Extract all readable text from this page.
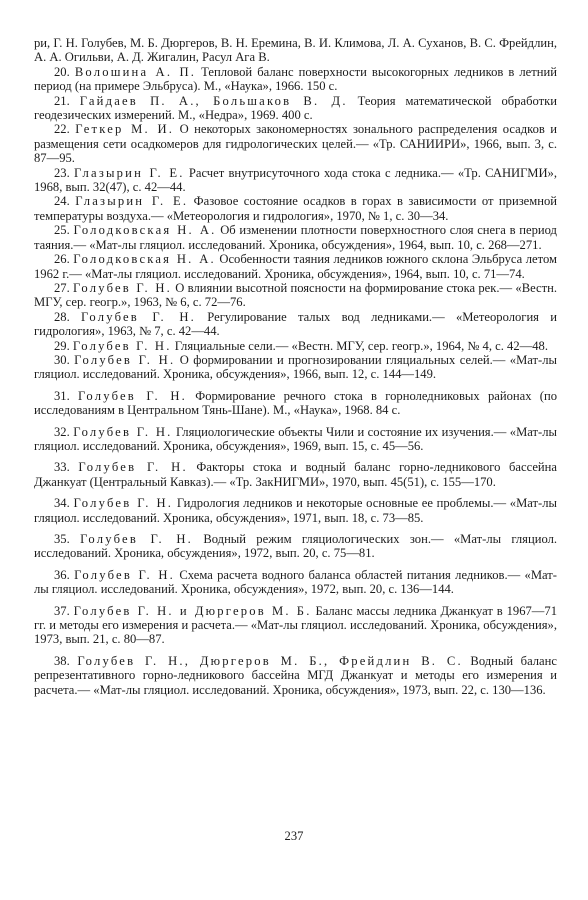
ри, Г. Н. Голубев, М. Б. Дюргеров, В. Н. Еремина, В. И. Климова, Л. А. Суханов, В. С. Фрейдлин, А. А. Огильви, А. Д. Жигалин, Расул Ага В.

20. Волошина А. П. Тепловой баланс поверхности высокогорных ледников в летний период (на примере Эльбруса). М., «Наука», 1966. 150 с.

21. Гайдаев П. А., Большаков В. Д. Теория математической обработки геодезических измерений. М., «Недра», 1969. 400 с.

22. Геткер М. И. О некоторых закономерностях зонального распределения осадков и размещения сети осадкомеров для гидрологических целей.— «Тр. САНИИРИ», 1966, вып. 3, с. 87—95.

23. Глазырин Г. Е. Расчет внутрисуточного хода стока с ледника.— «Тр. САНИГМИ», 1968, вып. 32(47), с. 42—44.

24. Глазырин Г. Е. Фазовое состояние осадков в горах в зависимости от приземной температуры воздуха.— «Метеорология и гидрология», 1970, № 1, с. 30—34.

25. Голодковская Н. А. Об изменении плотности поверхностного слоя снега в период таяния.— «Мат-лы гляциол. исследований. Хроника, обсуждения», 1964, вып. 10, с. 268—271.

26. Голодковская Н. А. Особенности таяния ледников южного склона Эльбруса летом 1962 г.— «Мат-лы гляциол. исследований. Хроника, обсуждения», 1964, вып. 10, с. 71—74.

27. Голубев Г. Н. О влиянии высотной поясности на формирование стока рек.— «Вестн. МГУ, сер. геогр.», 1963, № 6, с. 72—76.

28. Голубев Г. Н. Регулирование талых вод ледниками.— «Метеорология и гидрология», 1963, № 7, с. 42—44.

29. Голубев Г. Н. Гляциальные сели.— «Вестн. МГУ, сер. геогр.», 1964, № 4, с. 42—48.

30. Голубев Г. Н. О формировании и прогнозировании гляциальных селей.— «Мат-лы гляциол. исследований. Хроника, обсуждения», 1966, вып. 12, с. 144—149.

31. Голубев Г. Н. Формирование речного стока в горноледниковых районах (по исследованиям в Центральном Тянь-Шане). М., «Наука», 1968. 84 с.

32. Голубев Г. Н. Гляциологические объекты Чили и состояние их изучения.— «Мат-лы гляциол. исследований. Хроника, обсуждения», 1969, вып. 15, с. 45—56.

33. Голубев Г. Н. Факторы стока и водный баланс горно-ледникового бассейна Джанкуат (Центральный Кавказ).— «Тр. ЗакНИГМИ», 1970, вып. 45(51), с. 155—170.

34. Голубев Г. Н. Гидрология ледников и некоторые основные ее проблемы.— «Мат-лы гляциол. исследований. Хроника, обсуждения», 1971, вып. 18, с. 73—85.

35. Голубев Г. Н. Водный режим гляциологических зон.— «Мат-лы гляциол. исследований. Хроника, обсуждения», 1972, вып. 20, с. 75—81.

36. Голубев Г. Н. Схема расчета водного баланса областей питания ледников.— «Мат-лы гляциол. исследований. Хроника, обсуждения», 1972, вып. 20, с. 136—144.

37. Голубев Г. Н. и Дюргеров М. Б. Баланс массы ледника Джанкуат в 1967—71 гг. и методы его измерения и расчета.— «Мат-лы гляциол. исследований. Хроника, обсуждения», 1973, вып. 21, с. 80—87.

38. Голубев Г. Н., Дюргеров М. Б., Фрейдлин В. С. Водный баланс репрезентативного горно-ледникового бассейна МГД Джанкуат и методы его измерения и расчета.— «Мат-лы гляциол. исследований. Хроника, обсуждения», 1973, вып. 22, с. 130—136.

237
